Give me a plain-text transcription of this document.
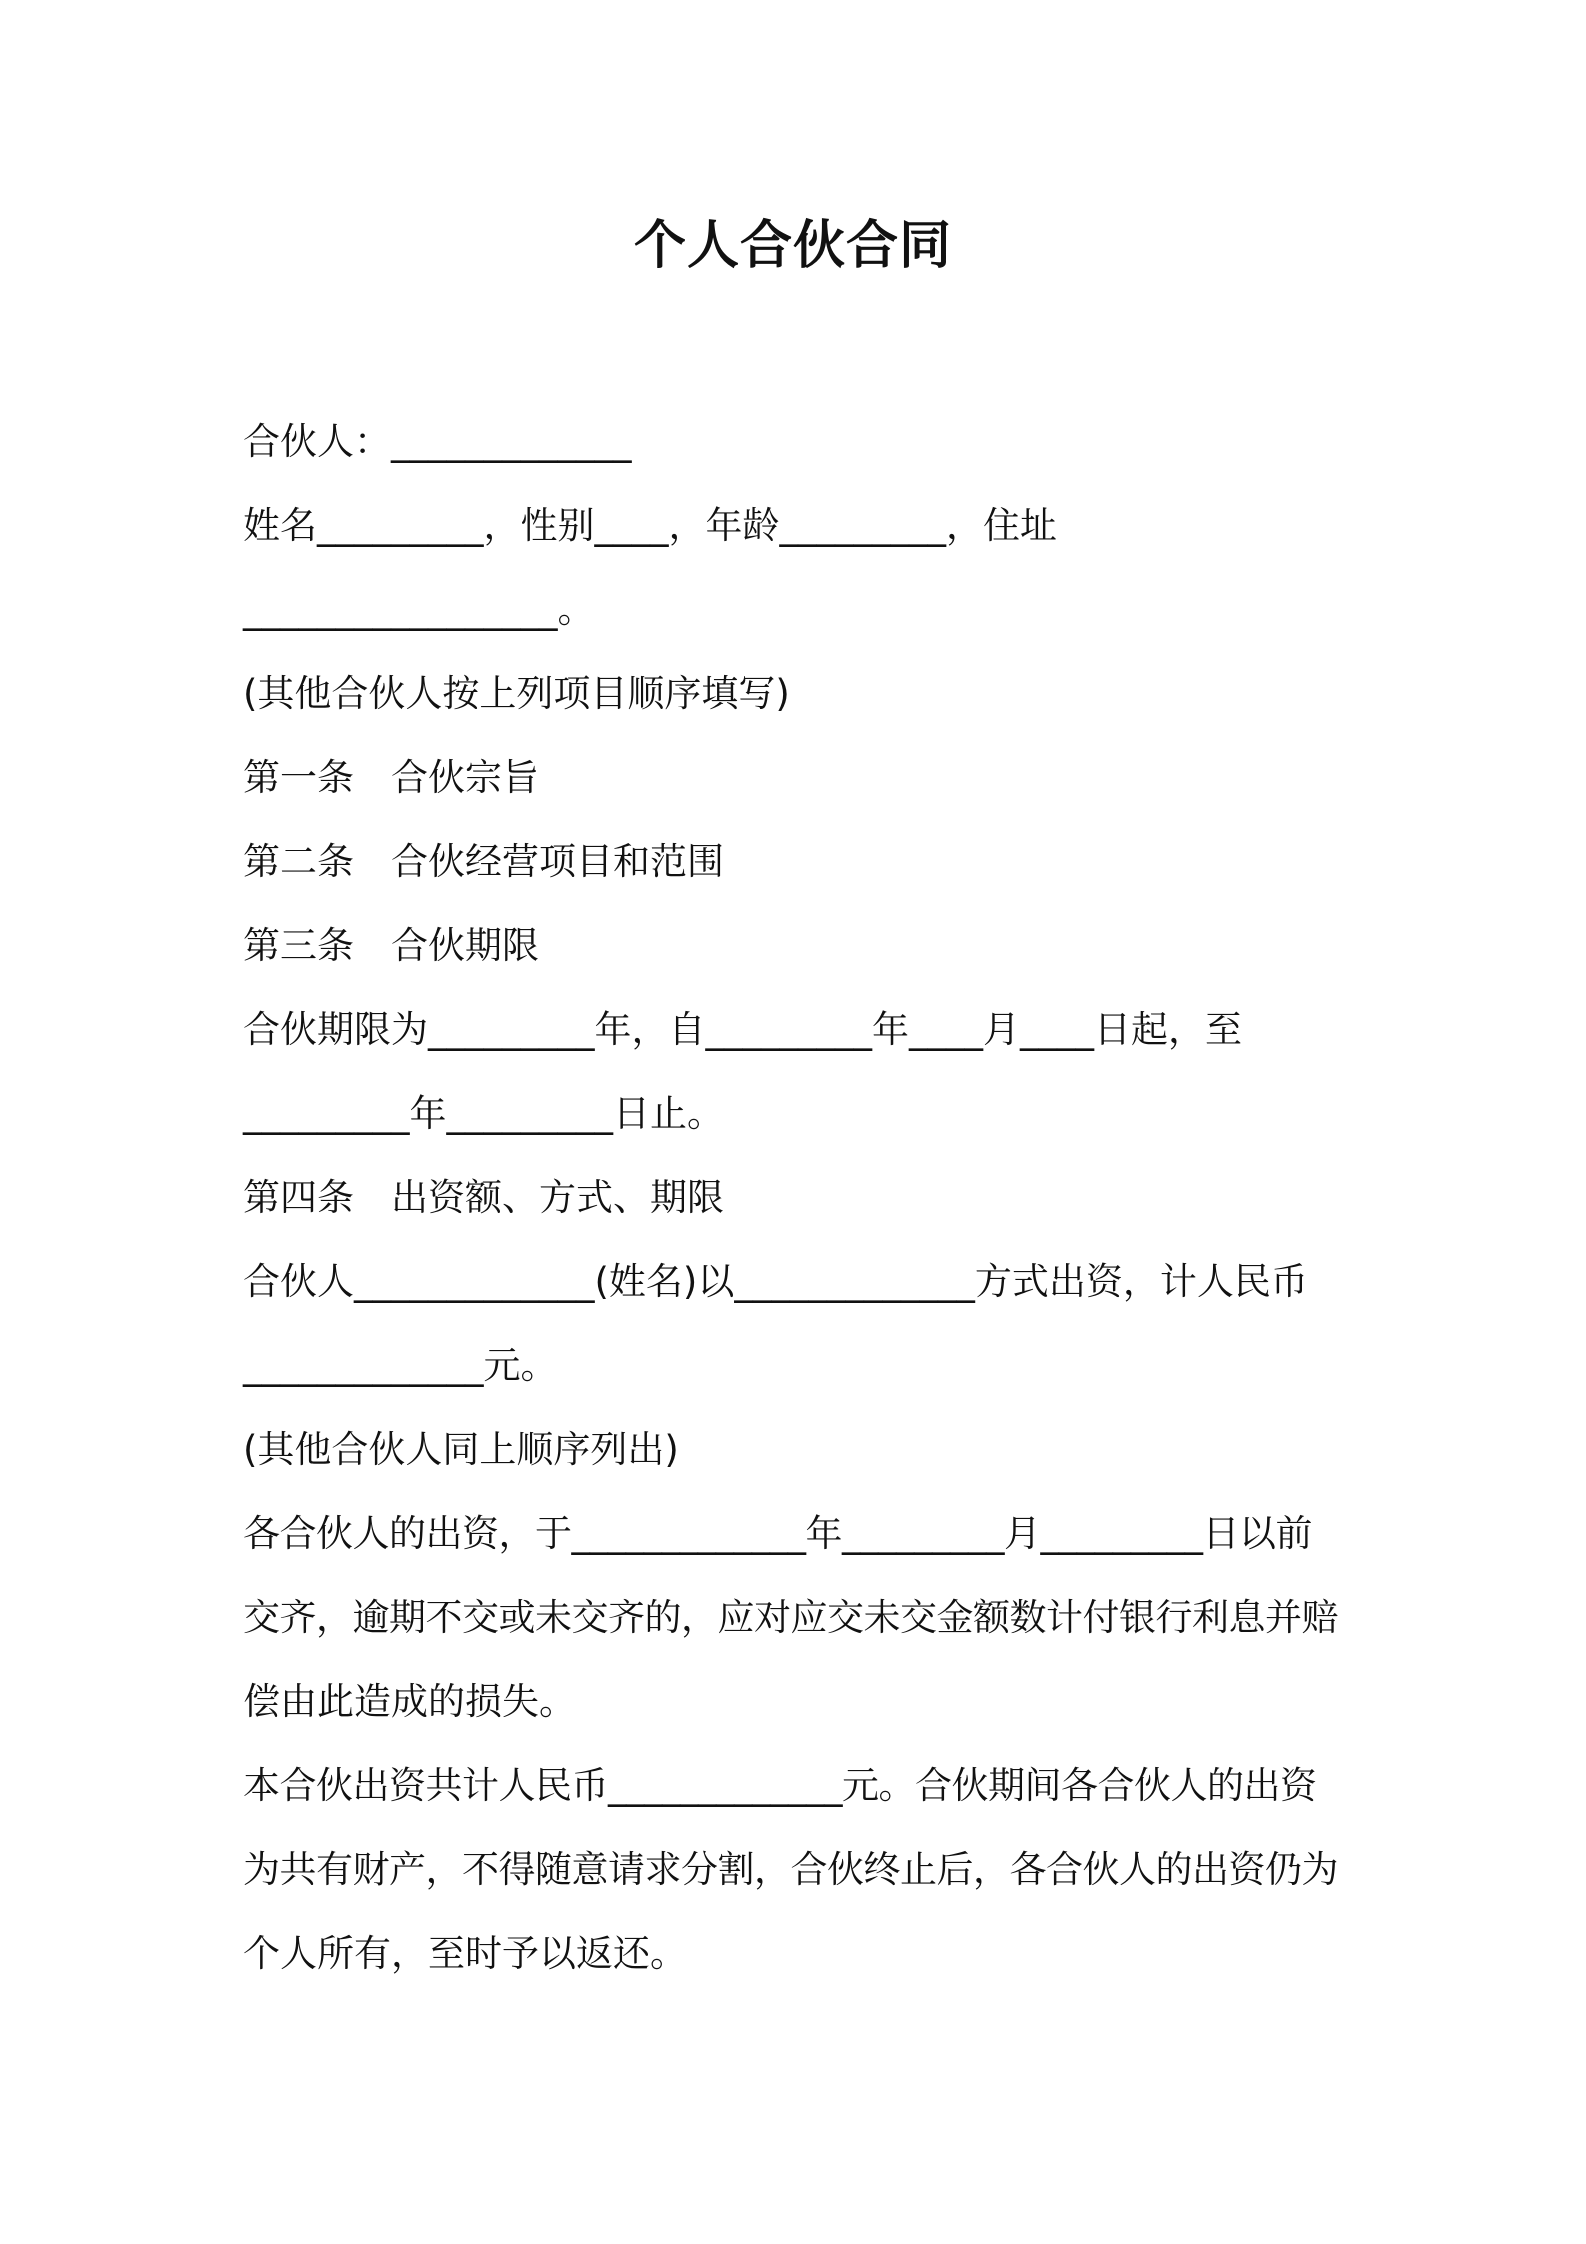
个人合伙合同
合伙人：_____________
姓名_________，性别____，年龄_________，住址
_________________。
(其他合伙人按上列项目顺序填写)
第一条　合伙宗旨
第二条　合伙经营项目和范围
第三条　合伙期限
合伙期限为_________年，自_________年____月____日起，至
_________年_________日止。
第四条　出资额、方式、期限
合伙人_____________(姓名)以_____________方式出资，计人民币
_____________元。
(其他合伙人同上顺序列出)
各合伙人的出资，于_____________年_________月_________日以前
交齐，逾期不交或未交齐的，应对应交未交金额数计付银行利息并赔
偿由此造成的损失。
本合伙出资共计人民币_____________元。合伙期间各合伙人的出资
为共有财产，不得随意请求分割，合伙终止后，各合伙人的出资仍为
个人所有，至时予以返还。
